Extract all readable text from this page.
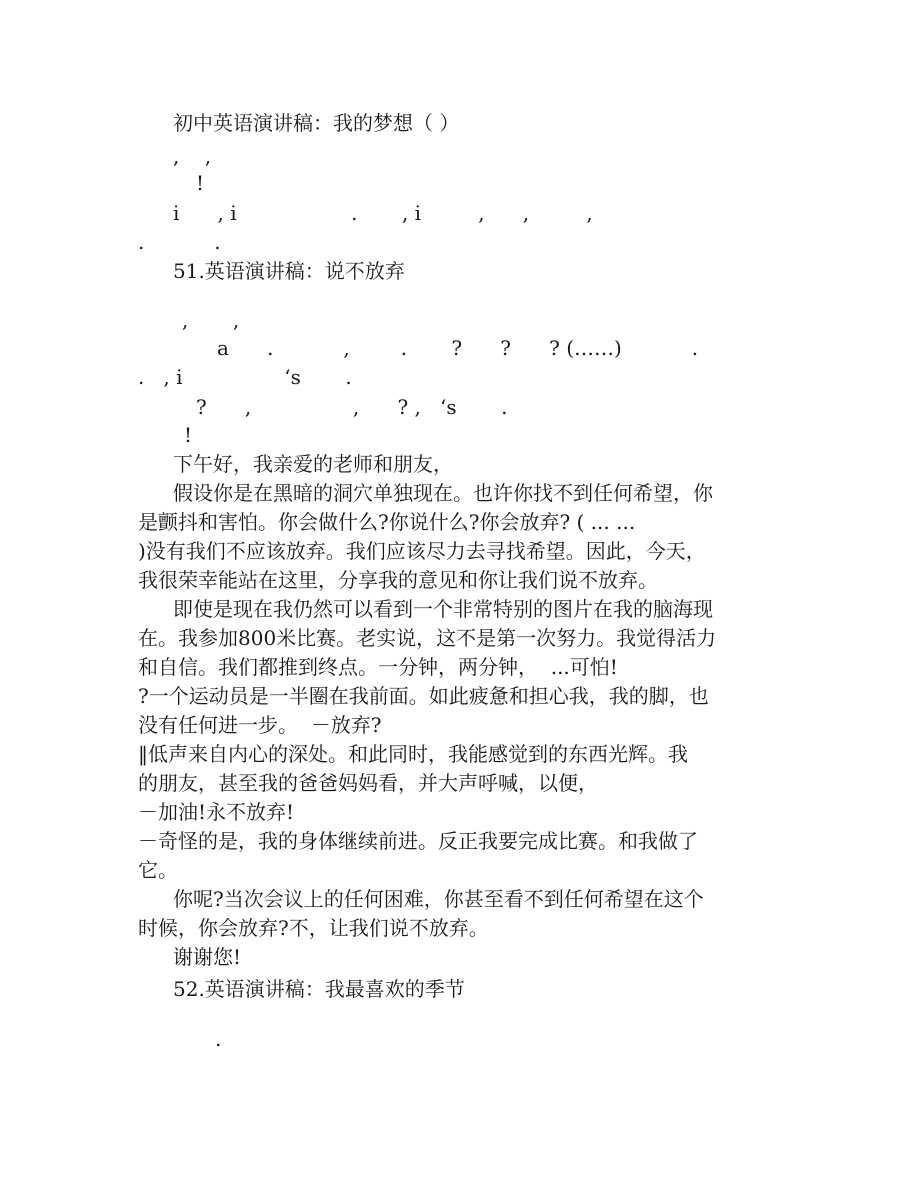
初中英语演讲稿：我的梦想（ ）
,    ,
!
i      , i                  .       , i         ,      ,         ,
.           .
51.英语演讲稿：说不放弃
,       ,
a      .           ,        .       ?      ?      ? (……)           .
.   , i                ‘s       .
?      ,                ,      ? ,   ‘s       .
!
下午好，我亲爱的老师和朋友，
假设你是在黑暗的洞穴单独现在。也许你找不到任何希望，你
是颤抖和害怕。你会做什么?你说什么?你会放弃? ( ... ...
)没有我们不应该放弃。我们应该尽力去寻找希望。因此，今天，
我很荣幸能站在这里，分享我的意见和你让我们说不放弃。
即使是现在我仍然可以看到一个非常特别的图片在我的脑海现
在。我参加800米比赛。老实说，这不是第一次努力。我觉得活力
和自信。我们都推到终点。一分钟，两分钟，  ...可怕!
?一个运动员是一半圈在我前面。如此疲惫和担心我，我的脚，也
没有任何进一步。  －放弃?
‖低声来自内心的深处。和此同时，我能感觉到的东西光辉。我
的朋友，甚至我的爸爸妈妈看，并大声呼喊，以便，
－加油!永不放弃!
－奇怪的是，我的身体继续前进。反正我要完成比赛。和我做了
它。
你呢?当次会议上的任何困难，你甚至看不到任何希望在这个
时候，你会放弃?不，让我们说不放弃。
谢谢您!
52.英语演讲稿：我最喜欢的季节
.
